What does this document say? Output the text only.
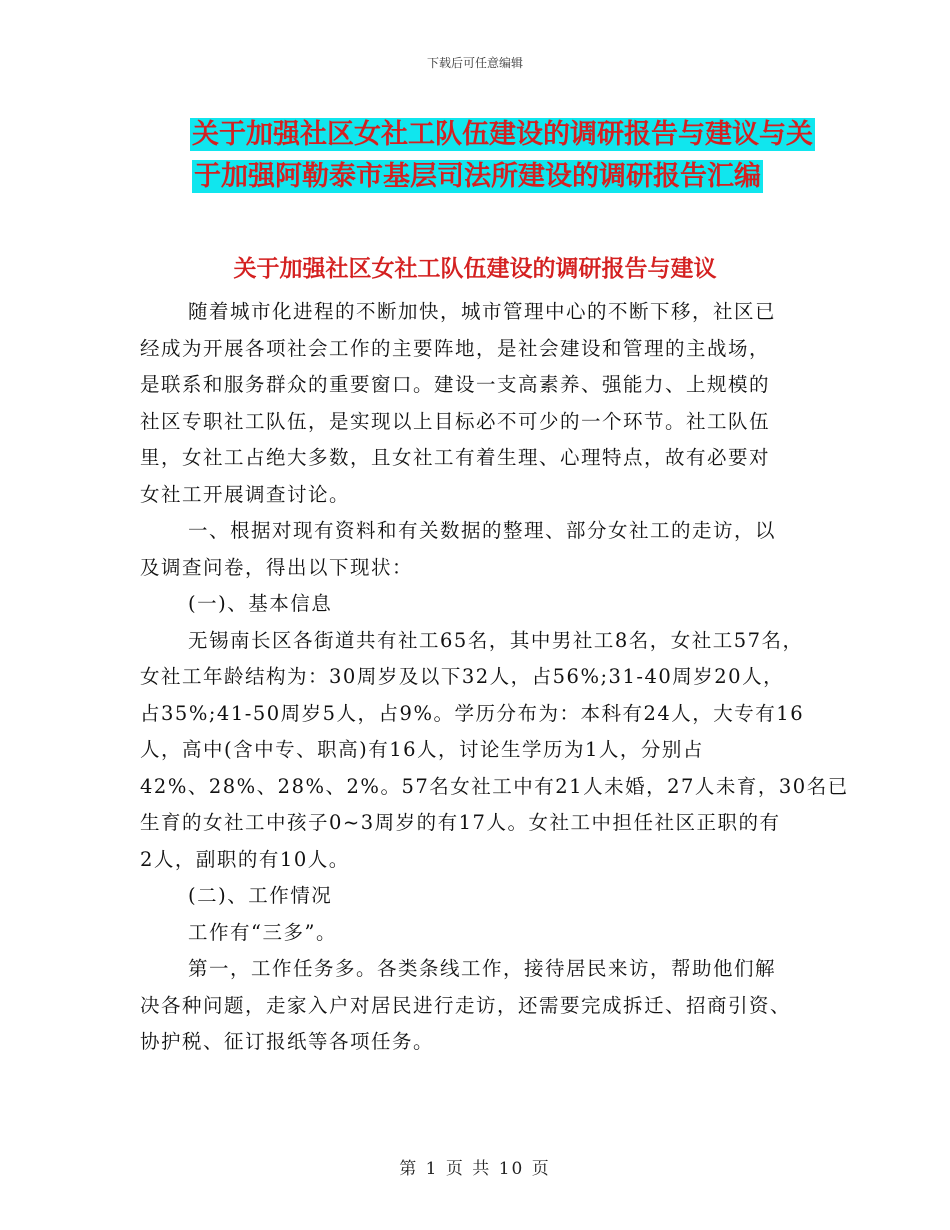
下载后可任意编辑
关于加强社区女社工队伍建设的调研报告与建议与关
于加强阿勒泰市基层司法所建设的调研报告汇编
关于加强社区女社工队伍建设的调研报告与建议
随着城市化进程的不断加快，城市管理中心的不断下移，社区已
经成为开展各项社会工作的主要阵地，是社会建设和管理的主战场，
是联系和服务群众的重要窗口。建设一支高素养、强能力、上规模的
社区专职社工队伍，是实现以上目标必不可少的一个环节。社工队伍
里，女社工占绝大多数，且女社工有着生理、心理特点，故有必要对
女社工开展调查讨论。
一、根据对现有资料和有关数据的整理、部分女社工的走访，以
及调查问卷，得出以下现状：
(一)、基本信息
无锡南长区各街道共有社工65名，其中男社工8名，女社工57名，
女社工年龄结构为：30周岁及以下32人，占56%;31-40周岁20人，
占35%;41-50周岁5人，占9%。学历分布为：本科有24人，大专有16
人，高中(含中专、职高)有16人，讨论生学历为1人，分别占
42%、28%、28%、2%。57名女社工中有21人未婚，27人未育，30名已
生育的女社工中孩子0~3周岁的有17人。女社工中担任社区正职的有
2人，副职的有10人。
(二)、工作情况
工作有“三多”。
第一，工作任务多。各类条线工作，接待居民来访，帮助他们解
决各种问题，走家入户对居民进行走访，还需要完成拆迁、招商引资、
协护税、征订报纸等各项任务。
第 1 页 共 10 页
